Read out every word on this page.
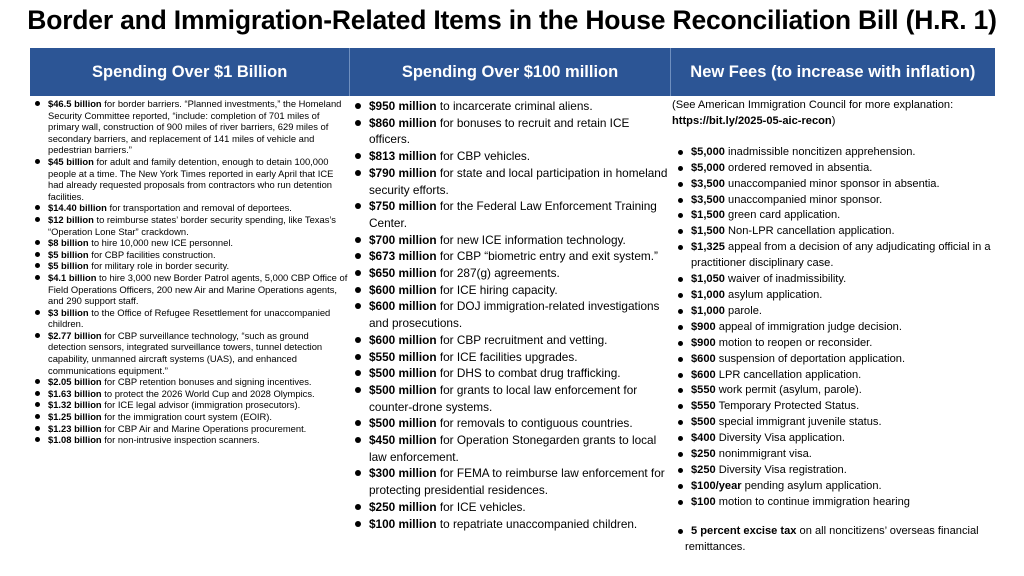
Border and Immigration-Related Items in the House Reconciliation Bill (H.R. 1)
Spending Over $1 Billion	Spending Over $100 million	New Fees (to increase with inflation)
$46.5 billion for border barriers. “Planned investments,” the Homeland Security Committee reported, “include: completion of 701 miles of primary wall, construction of 900 miles of river barriers, 629 miles of secondary barriers, and replacement of 141 miles of vehicle and pedestrian barriers.”
$45 billion for adult and family detention, enough to detain 100,000 people at a time. The New York Times reported in early April that ICE had already requested proposals from contractors who run detention facilities.
$14.40 billion for transportation and removal of deportees.
$12 billion to reimburse states’ border security spending, like Texas’s “Operation Lone Star” crackdown.
$8 billion to hire 10,000 new ICE personnel.
$5 billion for CBP facilities construction.
$5 billion for military role in border security.
$4.1 billion to hire 3,000 new Border Patrol agents, 5,000 CBP Office of Field Operations Officers, 200 new Air and Marine Operations agents, and 290 support staff.
$3 billion to the Office of Refugee Resettlement for unaccompanied children.
$2.77 billion for CBP surveillance technology, “such as ground detection sensors, integrated surveillance towers, tunnel detection capability, unmanned aircraft systems (UAS), and enhanced communications equipment.”
$2.05 billion for CBP retention bonuses and signing incentives.
$1.63 billion to protect the 2026 World Cup and 2028 Olympics.
$1.32 billion for ICE legal advisor (immigration prosecutors).
$1.25 billion for the immigration court system (EOIR).
$1.23 billion for CBP Air and Marine Operations procurement.
$1.08 billion for non-intrusive inspection scanners.
$950 million to incarcerate criminal aliens.
$860 million for bonuses to recruit and retain ICE officers.
$813 million for CBP vehicles.
$790 million for state and local participation in homeland security efforts.
$750 million for the Federal Law Enforcement Training Center.
$700 million for new ICE information technology.
$673 million for CBP “biometric entry and exit system.”
$650 million for 287(g) agreements.
$600 million for ICE hiring capacity.
$600 million for DOJ immigration-related investigations and prosecutions.
$600 million for CBP recruitment and vetting.
$550 million for ICE facilities upgrades.
$500 million for DHS to combat drug trafficking.
$500 million for grants to local law enforcement for counter-drone systems.
$500 million for removals to contiguous countries.
$450 million for Operation Stonegarden grants to local law enforcement.
$300 million for FEMA to reimburse law enforcement for protecting presidential residences.
$250 million for ICE vehicles.
$100 million to repatriate unaccompanied children.

(See American Immigration Council for more explanation: https://bit.ly/2025-05-aic-recon)

$5,000 inadmissible noncitizen apprehension.
$5,000 ordered removed in absentia.
$3,500 unaccompanied minor sponsor in absentia.
$3,500 unaccompanied minor sponsor.
$1,500 green card application.
$1,500 Non-LPR cancellation application.
$1,325 appeal from a decision of any adjudicating official in a practitioner disciplinary case.
$1,050 waiver of inadmissibility.
$1,000 asylum application.
$1,000 parole.
$900 appeal of immigration judge decision.
$900 motion to reopen or reconsider.
$600 suspension of deportation application.
$600 LPR cancellation application.
$550 work permit (asylum, parole).
$550 Temporary Protected Status.
$500 special immigrant juvenile status.
$400 Diversity Visa application.
$250 nonimmigrant visa.
$250 Diversity Visa registration.
$100/year pending asylum application.
$100 motion to continue immigration hearing
5 percent excise tax on all noncitizens’ overseas financial remittances.
